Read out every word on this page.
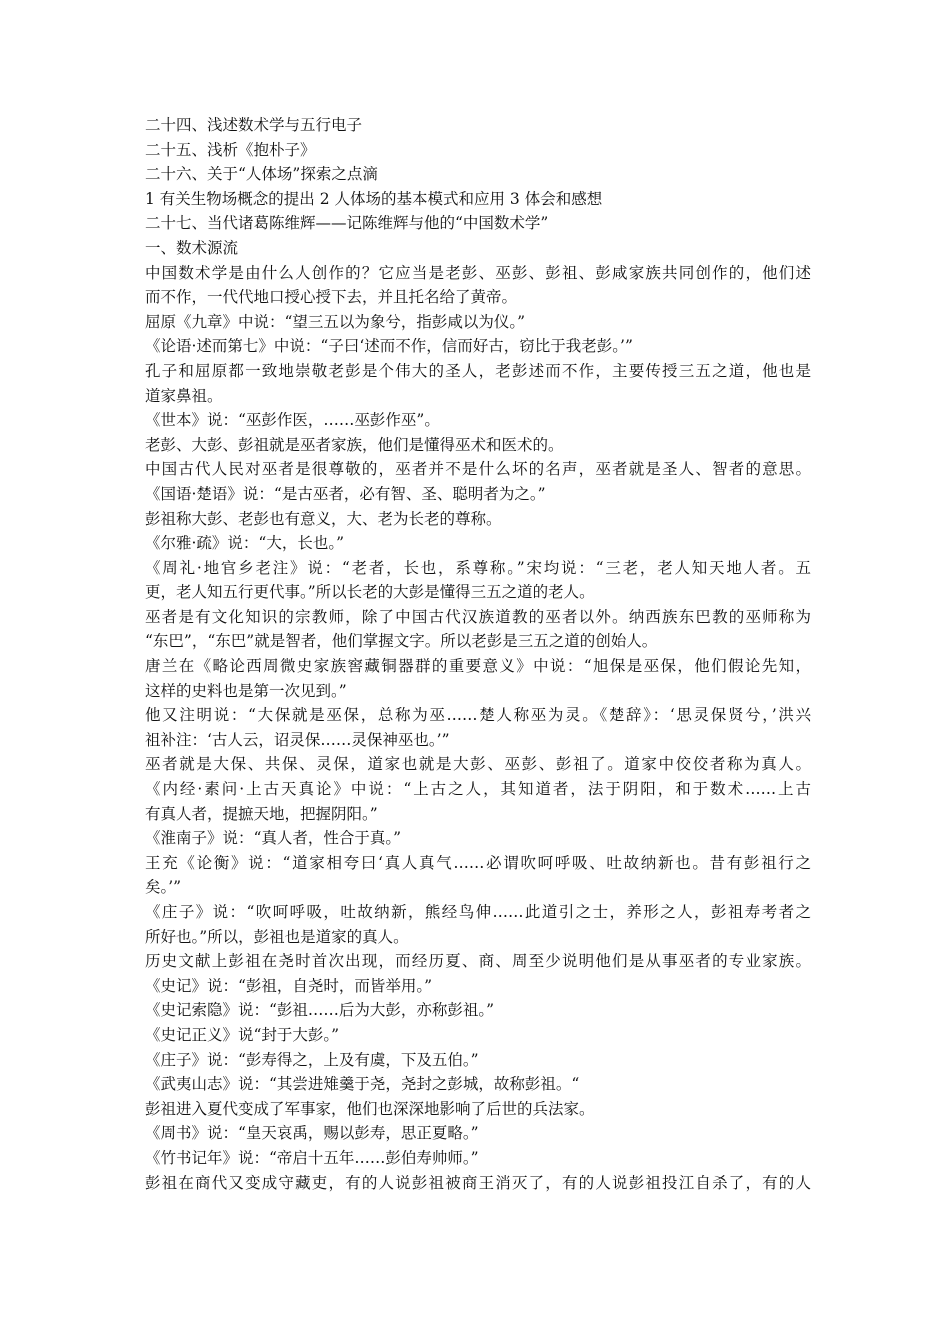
二十四、浅述数术学与五行电子
二十五、浅析《抱朴子》
二十六、关于“人体场”探索之点滴
1 有关生物场概念的提出 2 人体场的基本模式和应用 3 体会和感想
二十七、当代诸葛陈维辉——记陈维辉与他的“中国数术学”
一、数术源流
中国数术学是由什么人创作的？它应当是老彭、巫彭、彭祖、彭咸家族共同创作的，他们述
而不作，一代代地口授心授下去，并且托名给了黄帝。
屈原《九章》中说：“望三五以为象兮，指彭咸以为仪。”
《论语·述而第七》中说：“子曰‘述而不作，信而好古，窃比于我老彭。’”
孔子和屈原都一致地崇敬老彭是个伟大的圣人，老彭述而不作，主要传授三五之道，他也是
道家鼻祖。
《世本》说：“巫彭作医，……巫彭作巫”。
老彭、大彭、彭祖就是巫者家族，他们是懂得巫术和医术的。
中国古代人民对巫者是很尊敬的，巫者并不是什么坏的名声，巫者就是圣人、智者的意思。
《国语·楚语》说：“是古巫者，必有智、圣、聪明者为之。”
彭祖称大彭、老彭也有意义，大、老为长老的尊称。
《尔雅·疏》说：“大，长也。”
《周礼·地官乡老注》说：“老者，长也，系尊称。”宋均说：“三老，老人知天地人者。五
更，老人知五行更代事。”所以长老的大彭是懂得三五之道的老人。
巫者是有文化知识的宗教师，除了中国古代汉族道教的巫者以外。纳西族东巴教的巫师称为
“东巴”，“东巴”就是智者，他们掌握文字。所以老彭是三五之道的创始人。
唐兰在《略论西周微史家族窖藏铜器群的重要意义》中说：“旭保是巫保，他们假论先知，
这样的史料也是第一次见到。”
他又注明说：“大保就是巫保，总称为巫……楚人称巫为灵。《楚辞》：‘思灵保贤兮，’洪兴
祖补注：‘古人云，诏灵保……灵保神巫也。’”
巫者就是大保、共保、灵保，道家也就是大彭、巫彭、彭祖了。道家中佼佼者称为真人。
《内经·素问·上古天真论》中说：“上古之人，其知道者，法于阴阳，和于数术……上古
有真人者，提摭天地，把握阴阳。”
《淮南子》说：“真人者，性合于真。”
王充《论衡》说：“道家相夸曰‘真人真气……必谓吹呵呼吸、吐故纳新也。昔有彭祖行之
矣。’”
《庄子》说：“吹呵呼吸，吐故纳新，熊经鸟伸……此道引之士，养形之人，彭祖寿考者之
所好也。”所以，彭祖也是道家的真人。
历史文献上彭祖在尧时首次出现，而经历夏、商、周至少说明他们是从事巫者的专业家族。
《史记》说：“彭祖，自尧时，而皆举用。”
《史记索隐》说：“彭祖……后为大彭，亦称彭祖。”
《史记正义》说“封于大彭。”
《庄子》说：“彭寿得之，上及有虞，下及五伯。”
《武夷山志》说：“其尝进雉羹于尧，尧封之彭城，故称彭祖。“
彭祖进入夏代变成了军事家，他们也深深地影响了后世的兵法家。
《周书》说：“皇天哀禹，赐以彭寿，思正夏略。”
《竹书记年》说：“帝启十五年……彭伯寿帅师。”
彭祖在商代又变成守藏吏，有的人说彭祖被商王消灭了，有的人说彭祖投江自杀了，有的人
